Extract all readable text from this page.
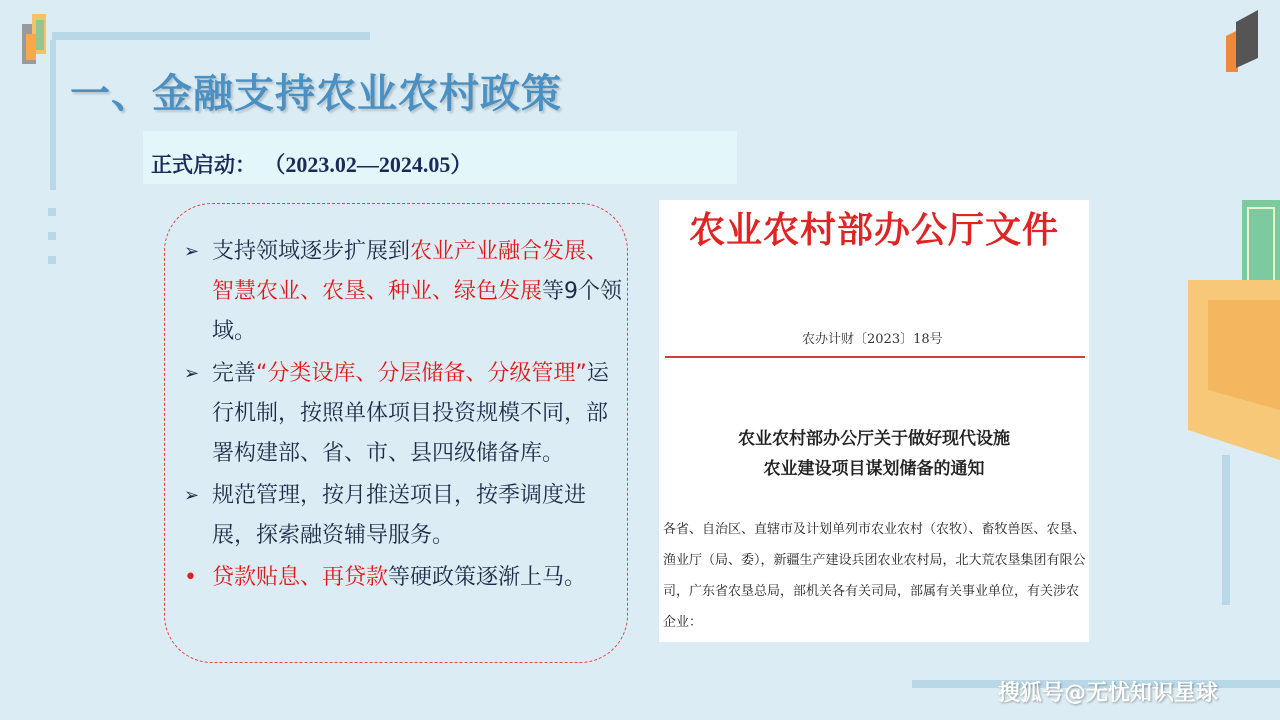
一、金融支持农业农村政策
正式启动： （2023.02—2024.05）
➢ 支持领域逐步扩展到农业产业融合发展、智慧农业、农垦、种业、绿色发展等9个领域。
➢ 完善“分类设库、分层储备、分级管理”运行机制，按照单体项目投资规模不同，部署构建部、省、市、县四级储备库。
➢ 规范管理，按月推送项目，按季调度进展，探索融资辅导服务。
• 贷款贴息、再贷款等硬政策逐渐上马。
农业农村部办公厅文件
农办计财〔2023〕18号
农业农村部办公厅关于做好现代设施
农业建设项目谋划储备的通知
各省、自治区、直辖市及计划单列市农业农村（农牧）、畜牧兽医、农垦、渔业厅（局、委），新疆生产建设兵团农业农村局，北大荒农垦集团有限公司，广东省农垦总局，部机关各有关司局，部属有关事业单位，有关涉农企业：
搜狐号@无忧知识星球
